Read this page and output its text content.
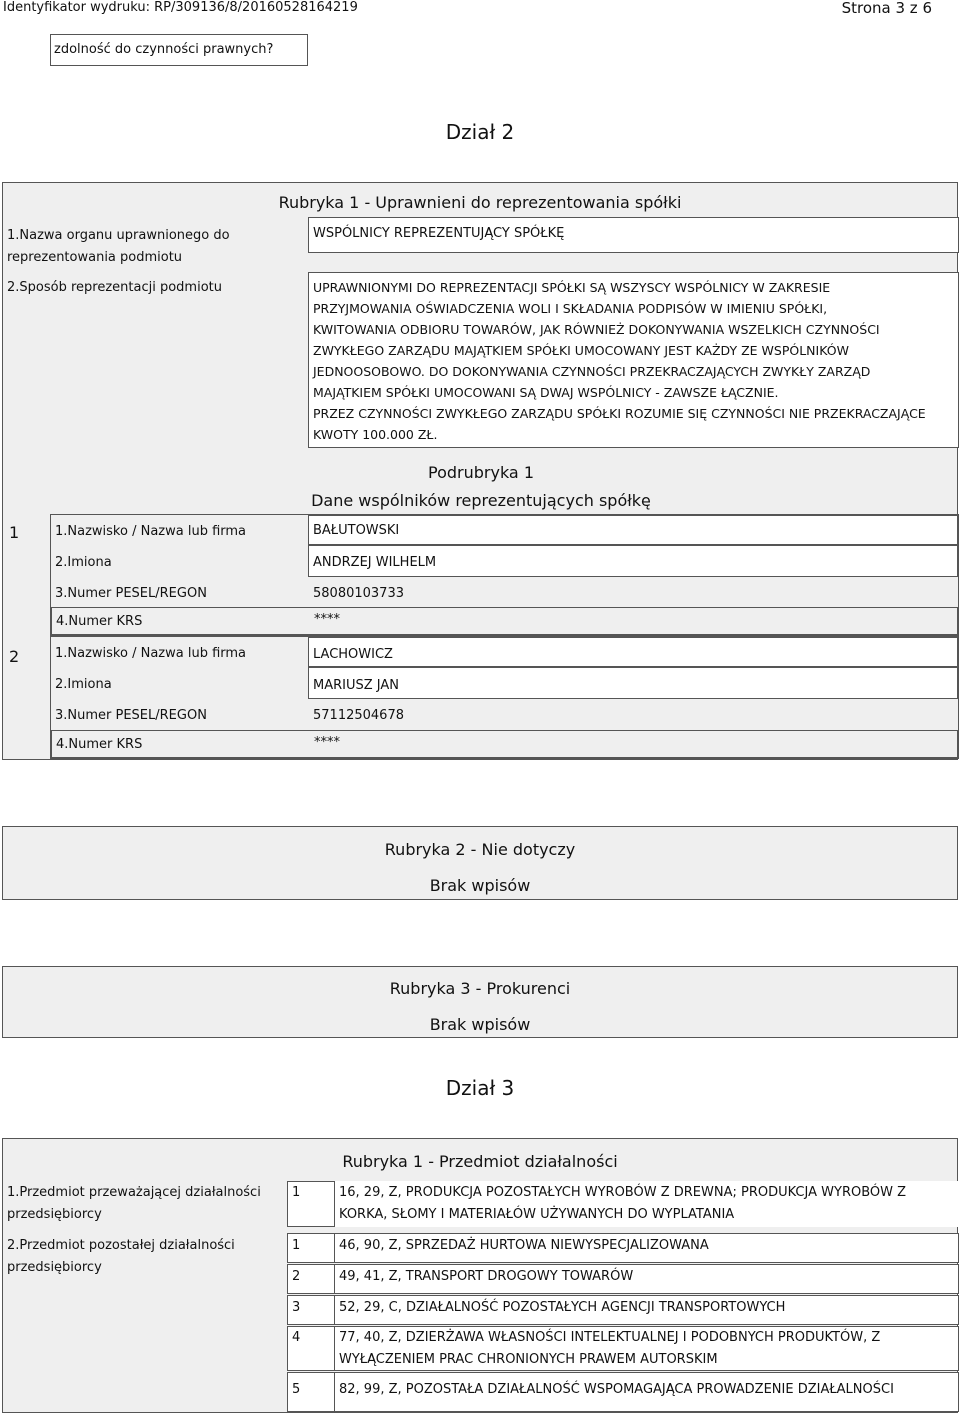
Identyfikator wydruku: RP/309136/8/20160528164219	Strona 3 z 6
zdolność do czynności prawnych?
Dział 2
Rubryka 1 - Uprawnieni do reprezentowania spółki
1.Nazwa organu uprawnionego do reprezentowania podmiotu
WSPÓLNICY REPREZENTUJĄCY SPÓŁKĘ
2.Sposób reprezentacji podmiotu	UPRAWNIONYMI DO REPREZENTACJI SPÓŁKI SĄ WSZYSCY WSPÓLNICY W ZAKRESIE
PRZYJMOWANIA OŚWIADCZENIA WOLI I SKŁADANIA PODPISÓW W IMIENIU SPÓŁKI,
KWITOWANIA ODBIORU TOWARÓW, JAK RÓWNIEŻ DOKONYWANIA WSZELKICH CZYNNOŚCI
ZWYKŁEGO ZARZĄDU MAJĄTKIEM SPÓŁKI UMOCOWANY JEST KAŻDY ZE WSPÓLNIKÓW
JEDNOOSOBOWO. DO DOKONYWANIA CZYNNOŚCI PRZEKRACZAJĄCYCH ZWYKŁY ZARZĄD
MAJĄTKIEM SPÓŁKI UMOCOWANI SĄ DWAJ WSPÓLNICY - ZAWSZE ŁĄCZNIE.
PRZEZ CZYNNOŚCI ZWYKŁEGO ZARZĄDU SPÓŁKI ROZUMIE SIĘ CZYNNOŚCI NIE PRZEKRACZAJĄCE
KWOTY 100.000 ZŁ.
Podrubryka 1
Dane wspólników reprezentujących spółkę
1	1.Nazwisko / Nazwa lub firma	BAŁUTOWSKI
2.Imiona	ANDRZEJ WILHELM
3.Numer PESEL/REGON	58080103733
4.Numer KRS	****
2	1.Nazwisko / Nazwa lub firma	LACHOWICZ
2.Imiona	MARIUSZ JAN
3.Numer PESEL/REGON	57112504678
4.Numer KRS	****
Rubryka 2 - Nie dotyczy
Brak wpisów
Rubryka 3 - Prokurenci
Brak wpisów
Dział 3
Rubryka 1 - Przedmiot działalności
1.Przedmiot przeważającej działalności przedsiębiorcy
1	16, 29, Z, PRODUKCJA POZOSTAŁYCH WYROBÓW Z DREWNA; PRODUKCJA WYROBÓW Z
KORKA, SŁOMY I MATERIAŁÓW UŻYWANYCH DO WYPLATANIA
2.Przedmiot pozostałej działalności przedsiębiorcy
1	46, 90, Z, SPRZEDAŻ HURTOWA NIEWYSPECJALIZOWANA
2	49, 41, Z, TRANSPORT DROGOWY TOWARÓW
3	52, 29, C, DZIAŁALNOŚĆ POZOSTAŁYCH AGENCJI TRANSPORTOWYCH
4	77, 40, Z, DZIERŻAWA WŁASNOŚCI INTELEKTUALNEJ I PODOBNYCH PRODUKTÓW, Z
WYŁĄCZENIEM PRAC CHRONIONYCH PRAWEM AUTORSKIM
5	82, 99, Z, POZOSTAŁA DZIAŁALNOŚĆ WSPOMAGAJĄCA PROWADZENIE DZIAŁALNOŚCI
